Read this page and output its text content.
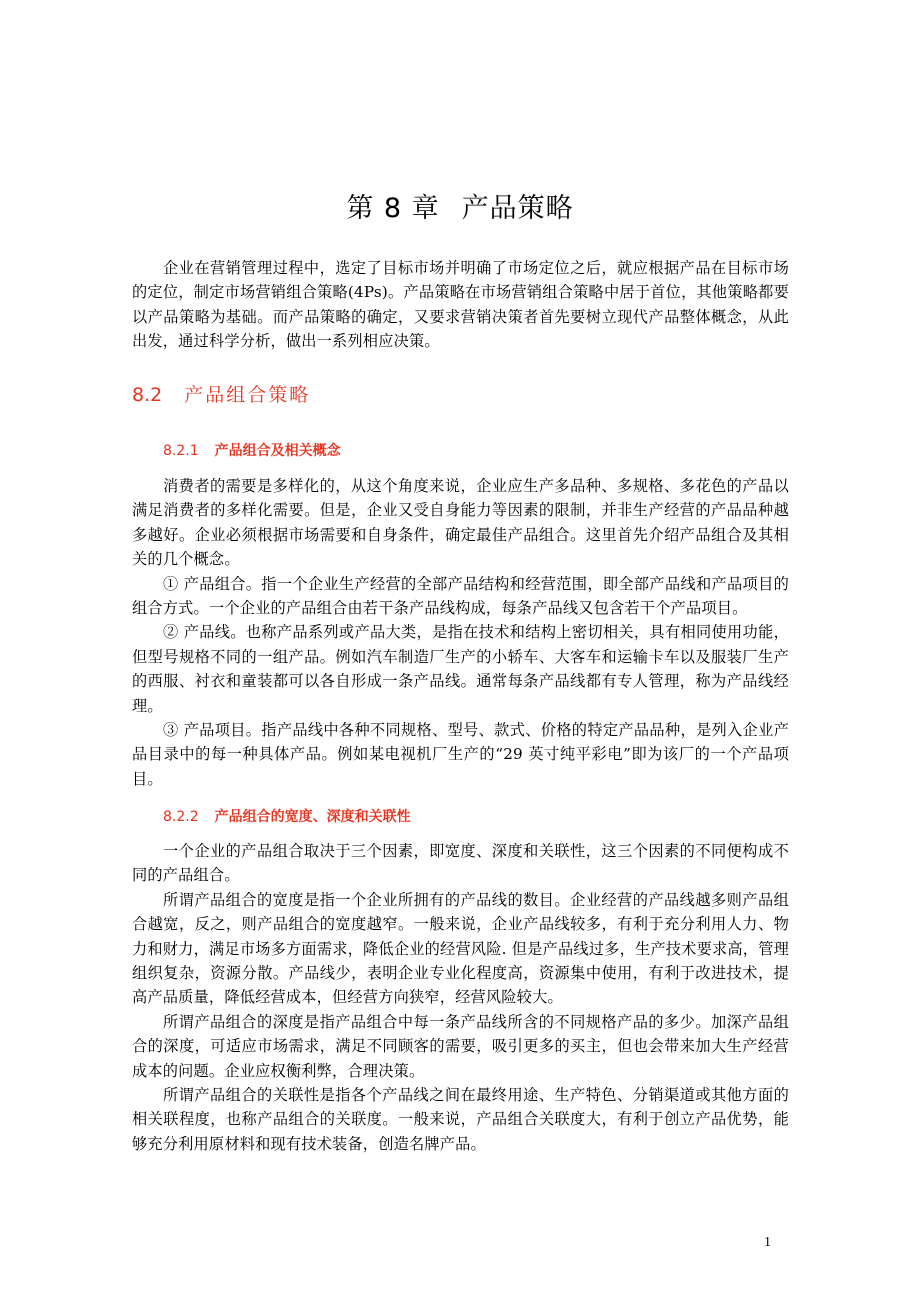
第 8 章 产品策略

企业在营销管理过程中，选定了目标市场并明确了市场定位之后，就应根据产品在目标市场的定位，制定市场营销组合策略(4Ps)。产品策略在市场营销组合策略中居于首位，其他策略都要以产品策略为基础。而产品策略的确定，又要求营销决策者首先要树立现代产品整体概念，从此出发，通过科学分析，做出一系列相应决策。

8.2 产品组合策略
8.2.1 产品组合及相关概念

消费者的需要是多样化的，从这个角度来说，企业应生产多品种、多规格、多花色的产品以满足消费者的多样化需要。但是，企业又受自身能力等因素的限制，并非生产经营的产品品种越多越好。企业必须根据市场需要和自身条件，确定最佳产品组合。这里首先介绍产品组合及其相关的几个概念。

① 产品组合。指一个企业生产经营的全部产品结构和经营范围，即全部产品线和产品项目的组合方式。一个企业的产品组合由若干条产品线构成，每条产品线又包含若干个产品项目。

② 产品线。也称产品系列或产品大类，是指在技术和结构上密切相关，具有相同使用功能，但型号规格不同的一组产品。例如汽车制造厂生产的小轿车、大客车和运输卡车以及服装厂生产的西服、衬衣和童装都可以各自形成一条产品线。通常每条产品线都有专人管理，称为产品线经理。

③ 产品项目。指产品线中各种不同规格、型号、款式、价格的特定产品品种，是列入企业产品目录中的每一种具体产品。例如某电视机厂生产的“29 英寸纯平彩电”即为该厂的一个产品项目。

8.2.2 产品组合的宽度、深度和关联性

一个企业的产品组合取决于三个因素，即宽度、深度和关联性，这三个因素的不同便构成不同的产品组合。

所谓产品组合的宽度是指一个企业所拥有的产品线的数目。企业经营的产品线越多则产品组合越宽，反之，则产品组合的宽度越窄。一般来说，企业产品线较多，有利于充分利用人力、物力和财力，满足市场多方面需求，降低企业的经营风险. 但是产品线过多，生产技术要求高，管理组织复杂，资源分散。产品线少，表明企业专业化程度高，资源集中使用，有利于改进技术，提高产品质量，降低经营成本，但经营方向狭窄，经营风险较大。

所谓产品组合的深度是指产品组合中每一条产品线所含的不同规格产品的多少。加深产品组合的深度，可适应市场需求，满足不同顾客的需要，吸引更多的买主，但也会带来加大生产经营成本的问题。企业应权衡利弊，合理决策。

所谓产品组合的关联性是指各个产品线之间在最终用途、生产特色、分销渠道或其他方面的相关联程度，也称产品组合的关联度。一般来说，产品组合关联度大，有利于创立产品优势，能够充分利用原材料和现有技术装备，创造名牌产品。

1
